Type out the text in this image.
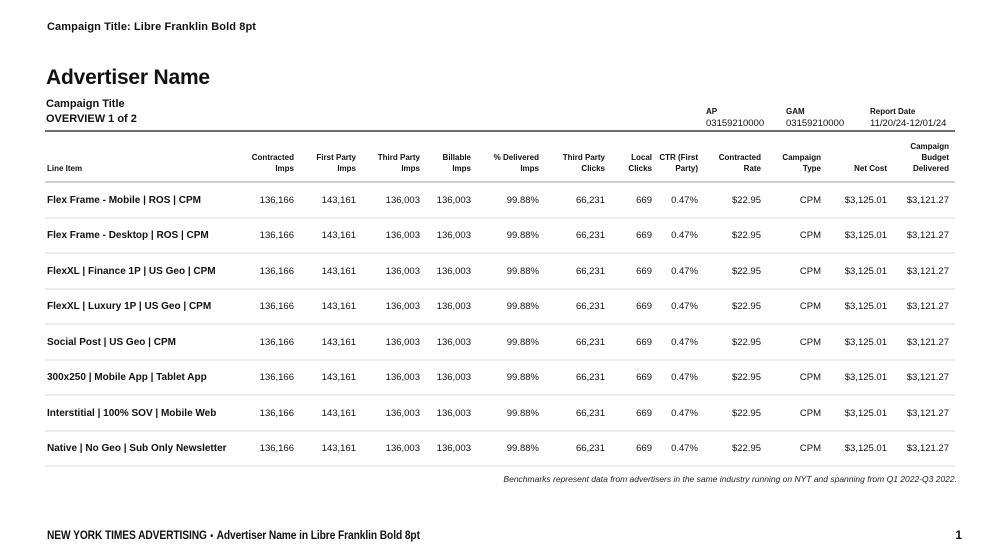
Campaign Title: Libre Franklin Bold 8pt
Advertiser Name
Campaign Title
OVERVIEW 1 of 2
AP
03159210000
GAM
03159210000
Report Date
11/20/24-12/01/24
Line Item	Contracted Imps	First Party Imps	Third Party Imps	Billable Imps	% Delivered Imps	Third Party Clicks	Local Clicks	CTR (First Party)	Contracted Rate	Campaign Type	Net Cost	Campaign Budget Delivered
Flex Frame - Mobile | ROS | CPM	136,166	143,161	136,003	136,003	99.88%	66,231	669	0.47%	$22.95	CPM	$3,125.01	$3,121.27
Flex Frame - Desktop | ROS | CPM	136,166	143,161	136,003	136,003	99.88%	66,231	669	0.47%	$22.95	CPM	$3,125.01	$3,121.27
FlexXL | Finance 1P | US Geo | CPM	136,166	143,161	136,003	136,003	99.88%	66,231	669	0.47%	$22.95	CPM	$3,125.01	$3,121.27
FlexXL | Luxury 1P | US Geo | CPM	136,166	143,161	136,003	136,003	99.88%	66,231	669	0.47%	$22.95	CPM	$3,125.01	$3,121.27
Social Post | US Geo | CPM	136,166	143,161	136,003	136,003	99.88%	66,231	669	0.47%	$22.95	CPM	$3,125.01	$3,121.27
300x250 | Mobile App | Tablet App	136,166	143,161	136,003	136,003	99.88%	66,231	669	0.47%	$22.95	CPM	$3,125.01	$3,121.27
Interstitial | 100% SOV | Mobile Web	136,166	143,161	136,003	136,003	99.88%	66,231	669	0.47%	$22.95	CPM	$3,125.01	$3,121.27
Native | No Geo | Sub Only Newsletter	136,166	143,161	136,003	136,003	99.88%	66,231	669	0.47%	$22.95	CPM	$3,125.01	$3,121.27
Benchmarks represent data from advertisers in the same industry running on NYT and spanning from Q1 2022-Q3 2022.
NEW YORK TIMES ADVERTISING • Advertiser Name in Libre Franklin Bold 8pt	1
